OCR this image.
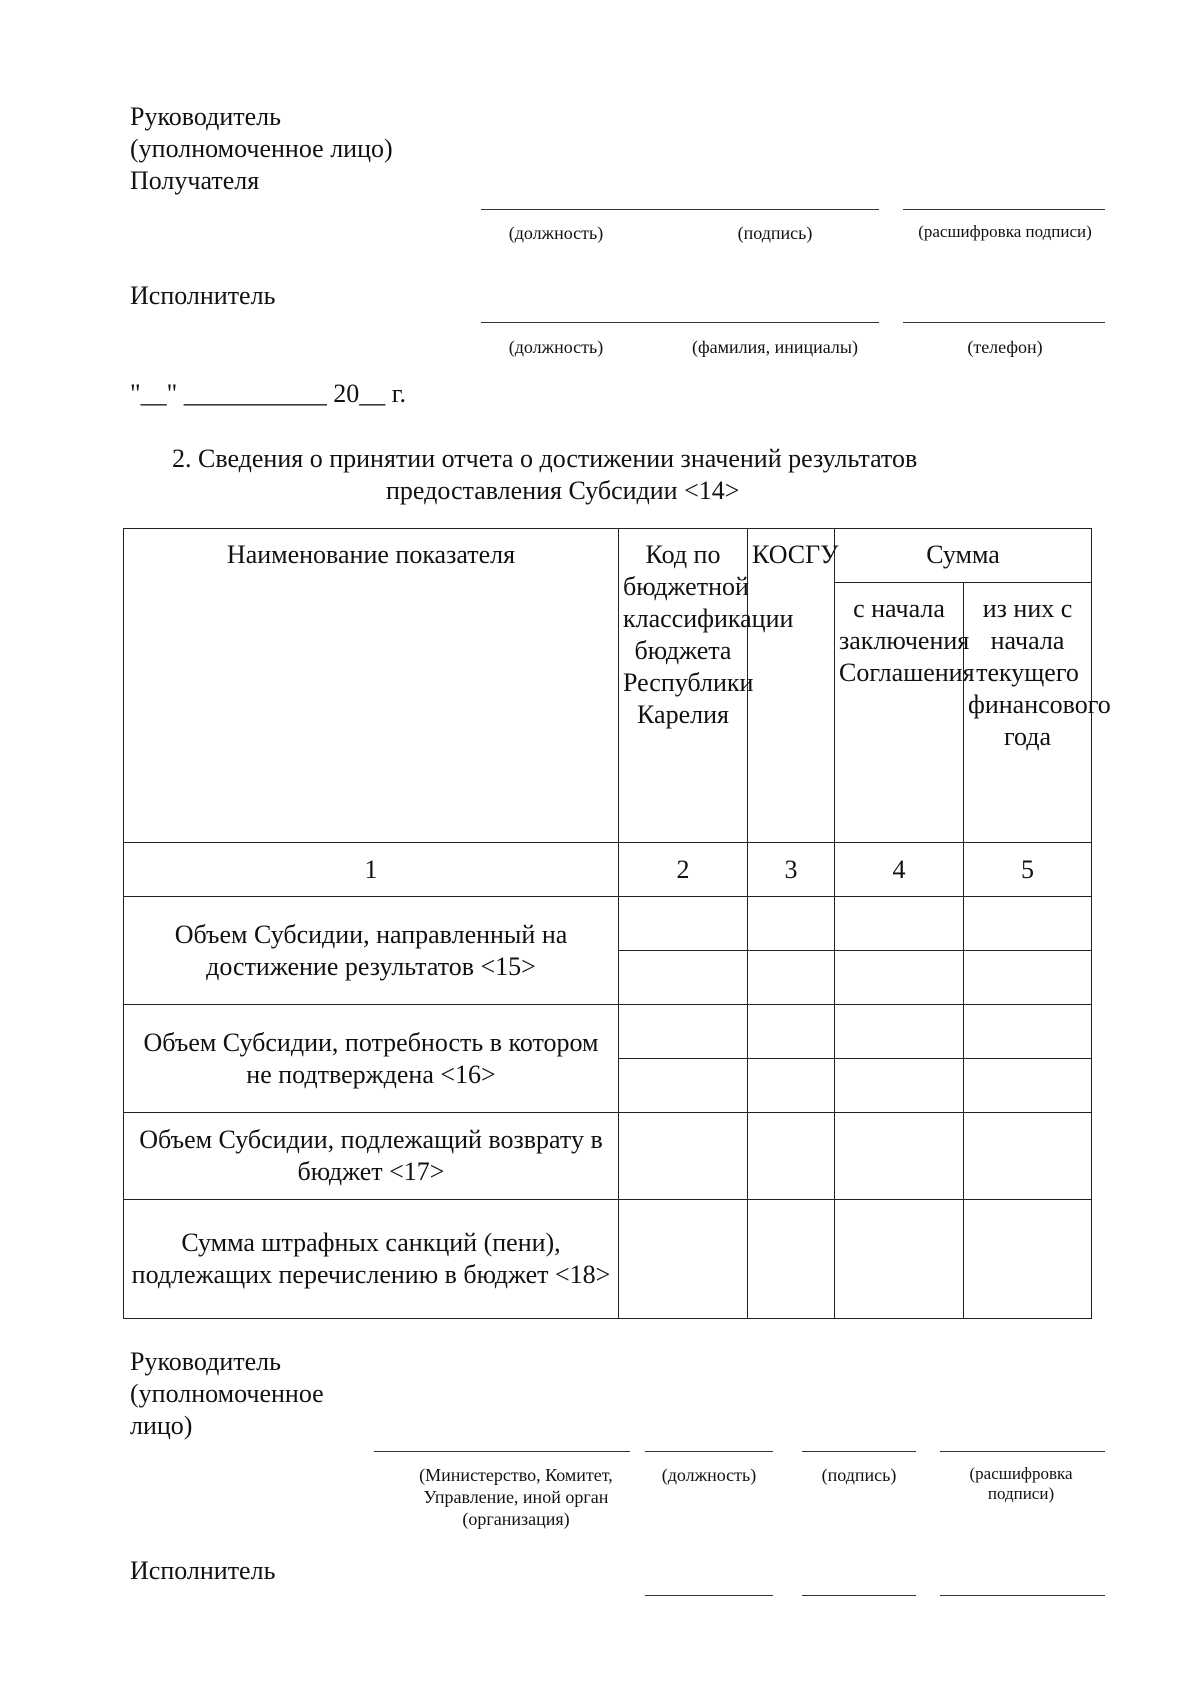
Руководитель
(уполномоченное лицо)
Получателя
(должность)	(подпись)	(расшифровка подписи)
Исполнитель
(должность)	(фамилия, инициалы)	(телефон)
"__" ___________ 20__ г.
2. Сведения о принятии отчета о достижении значений результатов
предоставления Субсидии <14>
Наименование показателя	Код по бюджетной классификации бюджета Республики Карелия	КОСГУ	Сумма	
			с начала заключения Соглашения	из них с начала текущего финансового года
1	2	3	4	5
Объем Субсидии, направленный на достижение результатов <15>				

Объем Субсидии, потребность в котором не подтверждена <16>				

Объем Субсидии, подлежащий возврату в бюджет <17>				
Сумма штрафных санкций (пени), подлежащих перечислению в бюджет <18>				
Руководитель
(уполномоченное
лицо)
(Министерство, Комитет, Управление, иной орган (организация)
(должность)	(подпись)	(расшифровка подписи)
Исполнитель
